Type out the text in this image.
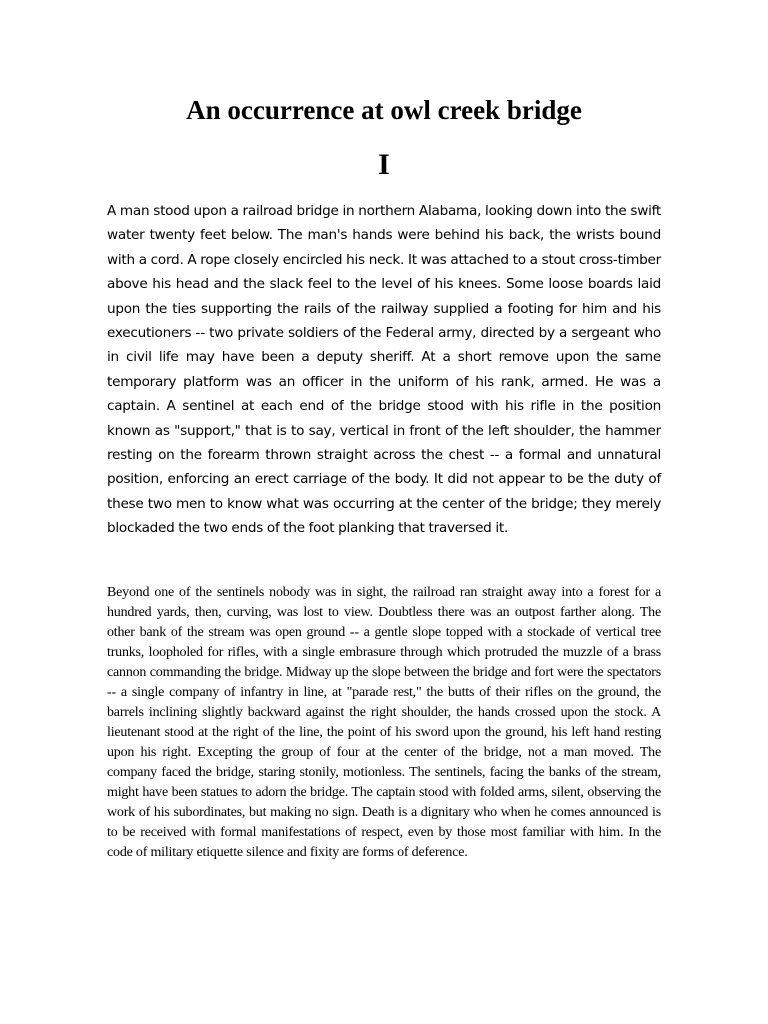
An occurrence at owl creek bridge
I

A man stood upon a railroad bridge in northern Alabama, looking down into the swift water twenty feet below. The man's hands were behind his back, the wrists bound with a cord. A rope closely encircled his neck. It was attached to a stout cross-timber above his head and the slack feel to the level of his knees. Some loose boards laid upon the ties supporting the rails of the railway supplied a footing for him and his executioners -- two private soldiers of the Federal army, directed by a sergeant who in civil life may have been a deputy sheriff. At a short remove upon the same temporary platform was an officer in the uniform of his rank, armed. He was a captain. A sentinel at each end of the bridge stood with his rifle in the position known as "support," that is to say, vertical in front of the left shoulder, the hammer resting on the forearm thrown straight across the chest -- a formal and unnatural position, enforcing an erect carriage of the body. It did not appear to be the duty of these two men to know what was occurring at the center of the bridge; they merely blockaded the two ends of the foot planking that traversed it.

Beyond one of the sentinels nobody was in sight, the railroad ran straight away into a forest for a hundred yards, then, curving, was lost to view. Doubtless there was an outpost farther along. The other bank of the stream was open ground -- a gentle slope topped with a stockade of vertical tree trunks, loopholed for rifles, with a single embrasure through which protruded the muzzle of a brass cannon commanding the bridge. Midway up the slope between the bridge and fort were the spectators -- a single company of infantry in line, at "parade rest," the butts of their rifles on the ground, the barrels inclining slightly backward against the right shoulder, the hands crossed upon the stock. A lieutenant stood at the right of the line, the point of his sword upon the ground, his left hand resting upon his right. Excepting the group of four at the center of the bridge, not a man moved. The company faced the bridge, staring stonily, motionless. The sentinels, facing the banks of the stream, might have been statues to adorn the bridge. The captain stood with folded arms, silent, observing the work of his subordinates, but making no sign. Death is a dignitary who when he comes announced is to be received with formal manifestations of respect, even by those most familiar with him. In the code of military etiquette silence and fixity are forms of deference.
